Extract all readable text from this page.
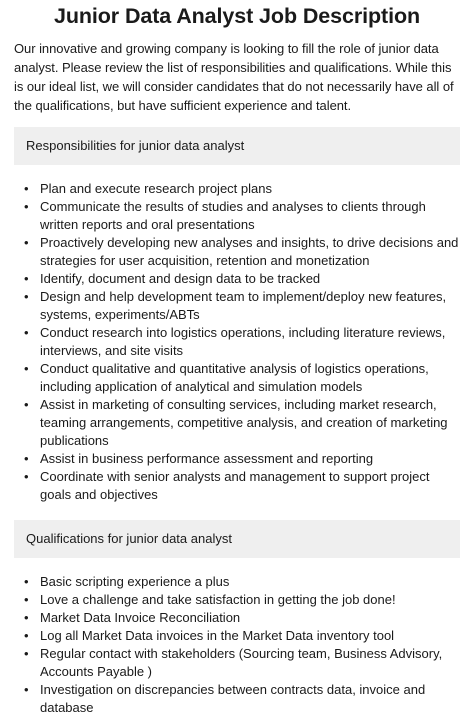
Junior Data Analyst Job Description

Our innovative and growing company is looking to fill the role of junior data analyst. Please review the list of responsibilities and qualifications. While this is our ideal list, we will consider candidates that do not necessarily have all of the qualifications, but have sufficient experience and talent.

Responsibilities for junior data analyst
• Plan and execute research project plans
• Communicate the results of studies and analyses to clients through written reports and oral presentations
• Proactively developing new analyses and insights, to drive decisions and strategies for user acquisition, retention and monetization
• Identify, document and design data to be tracked
• Design and help development team to implement/deploy new features, systems, experiments/ABTs
• Conduct research into logistics operations, including literature reviews, interviews, and site visits
• Conduct qualitative and quantitative analysis of logistics operations, including application of analytical and simulation models
• Assist in marketing of consulting services, including market research, teaming arrangements, competitive analysis, and creation of marketing publications
• Assist in business performance assessment and reporting
• Coordinate with senior analysts and management to support project goals and objectives
Qualifications for junior data analyst
• Basic scripting experience a plus
• Love a challenge and take satisfaction in getting the job done!
• Market Data Invoice Reconciliation
• Log all Market Data invoices in the Market Data inventory tool
• Regular contact with stakeholders (Sourcing team, Business Advisory, Accounts Payable )
• Investigation on discrepancies between contracts data, invoice and database
